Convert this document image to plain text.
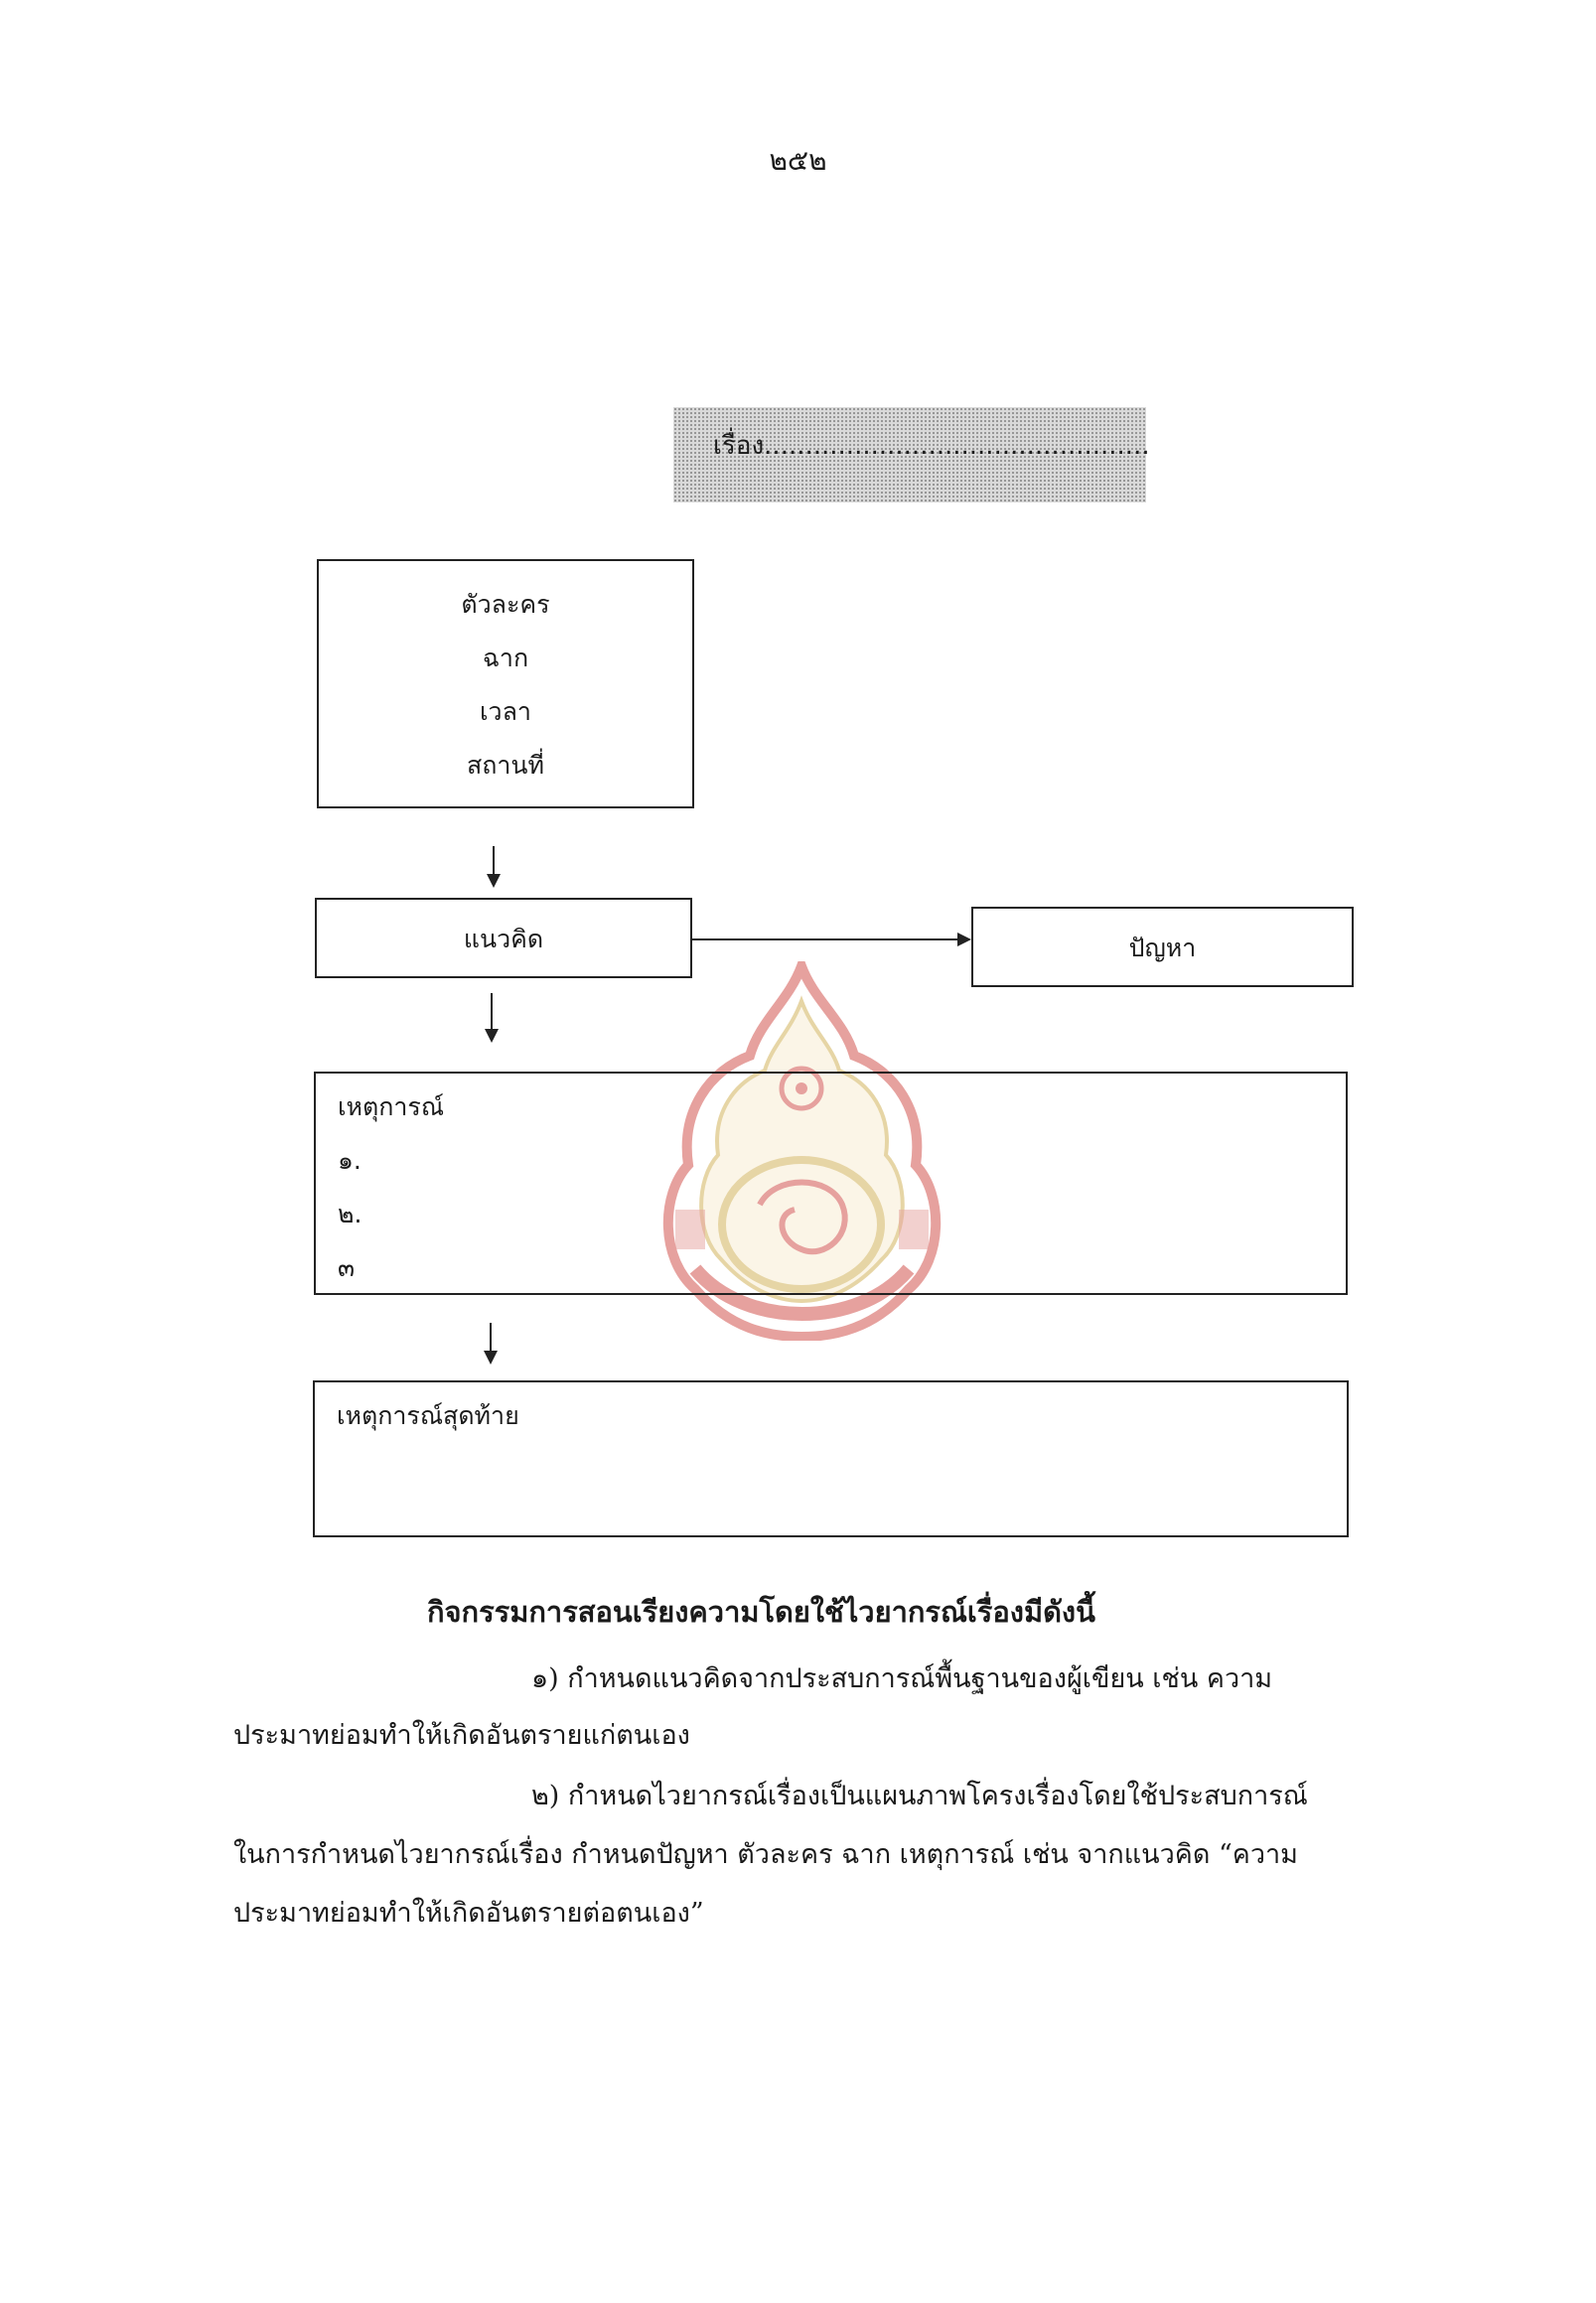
๒๕๒
เรื่อง...............................................
ตัวละคร
ฉาก
เวลา
สถานที่
แนวคิด	ปัญหา
เหตุการณ์
๑.
๒.
๓
เหตุการณ์สุดท้าย
กิจกรรมการสอนเรียงความโดยใช้ไวยากรณ์เรื่องมีดังนี้
๑) กำหนดแนวคิดจากประสบการณ์พื้นฐานของผู้เขียน เช่น ความ
ประมาทย่อมทำให้เกิดอันตรายแก่ตนเอง
๒) กำหนดไวยากรณ์เรื่องเป็นแผนภาพโครงเรื่องโดยใช้ประสบการณ์
ในการกำหนดไวยากรณ์เรื่อง กำหนดปัญหา ตัวละคร ฉาก เหตุการณ์ เช่น จากแนวคิด “ความ
ประมาทย่อมทำให้เกิดอันตรายต่อตนเอง”
